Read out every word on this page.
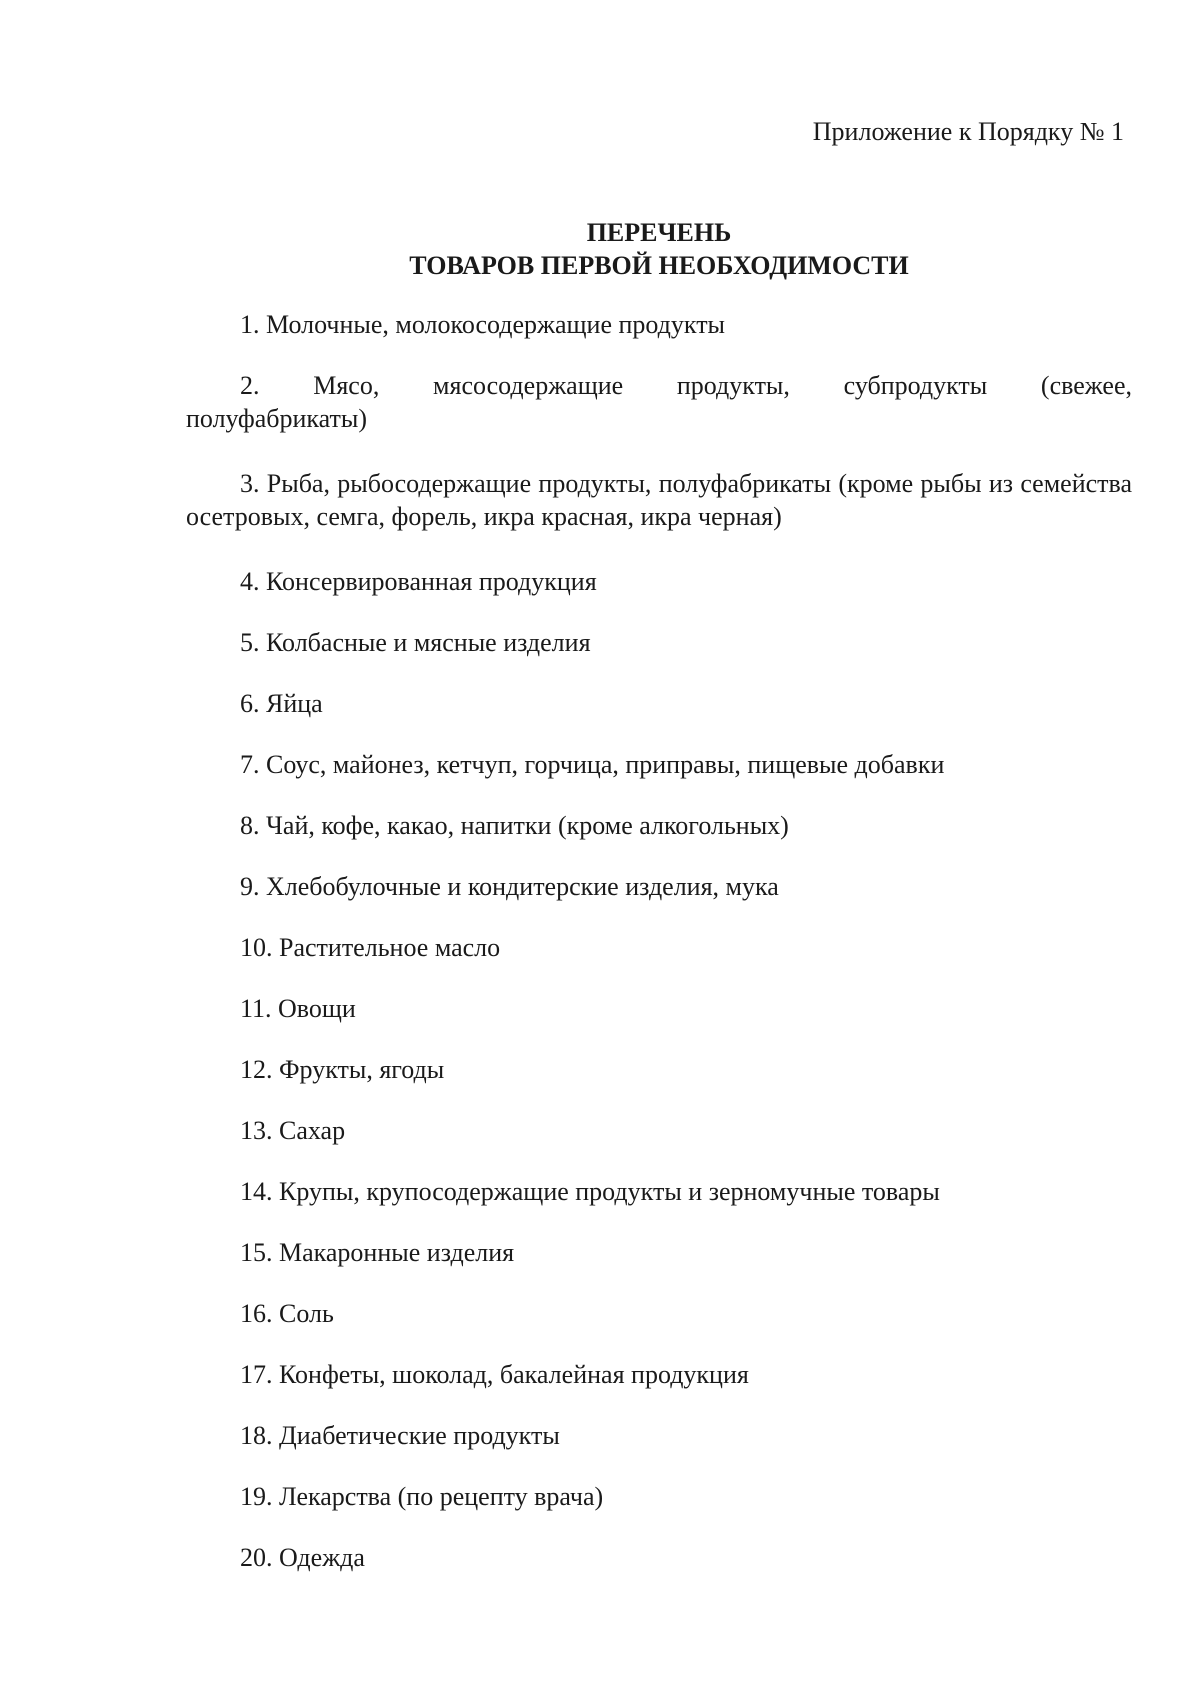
Приложение к Порядку № 1
ПЕРЕЧЕНЬ
ТОВАРОВ ПЕРВОЙ НЕОБХОДИМОСТИ

1. Молочные, молокосодержащие продукты

2. Мясо, мясосодержащие продукты, субпродукты (свежее,
полуфабрикаты)

3. Рыба, рыбосодержащие продукты, полуфабрикаты (кроме рыбы из семейства осетровых, семга, форель, икра красная, икра черная)

4. Консервированная продукция

5. Колбасные и мясные изделия

6. Яйца

7. Соус, майонез, кетчуп, горчица, приправы, пищевые добавки

8. Чай, кофе, какао, напитки (кроме алкогольных)

9. Хлебобулочные и кондитерские изделия, мука

10. Растительное масло

11. Овощи

12. Фрукты, ягоды

13. Сахар

14. Крупы, крупосодержащие продукты и зерномучные товары

15. Макаронные изделия

16. Соль

17. Конфеты, шоколад, бакалейная продукция

18. Диабетические продукты

19. Лекарства (по рецепту врача)

20. Одежда
